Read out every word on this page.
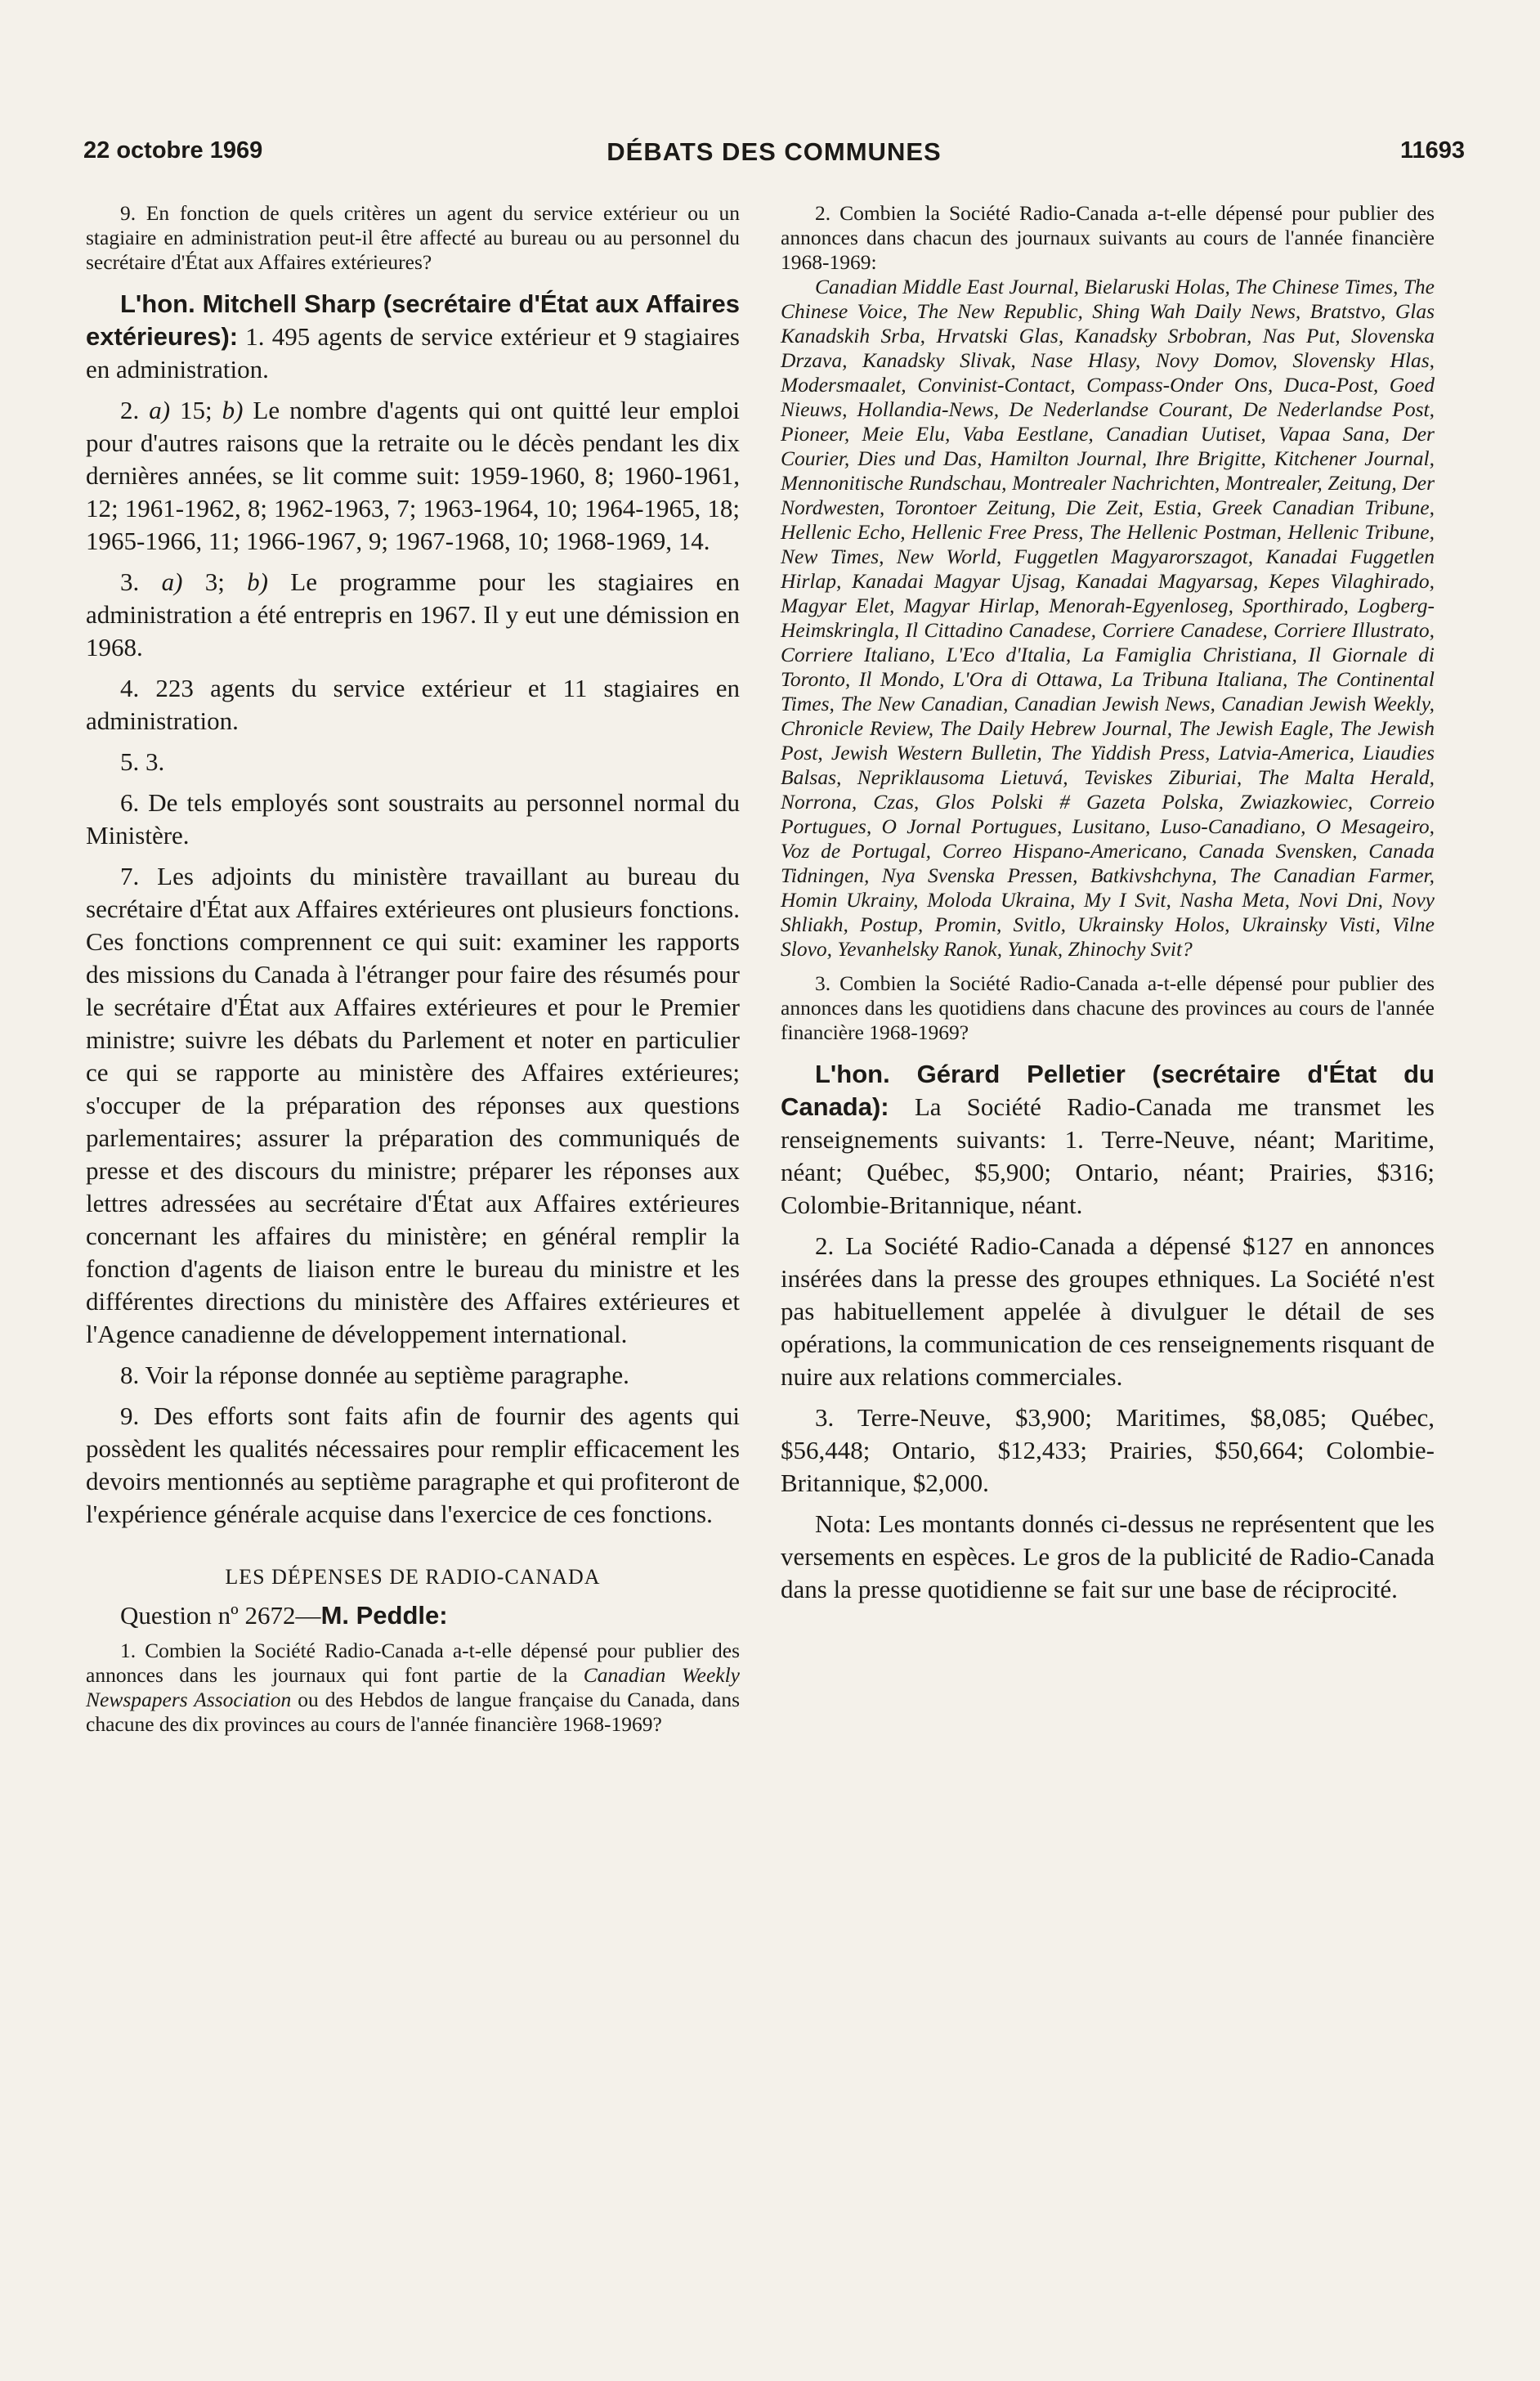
22 octobre 1969	DÉBATS DES COMMUNES	11693

9. En fonction de quels critères un agent du service extérieur ou un stagiaire en administration peut-il être affecté au bureau ou au personnel du secrétaire d'État aux Affaires extérieures?

L'hon. Mitchell Sharp (secrétaire d'État aux Affaires extérieures): 1. 495 agents de service extérieur et 9 stagiaires en administration.

2. a) 15; b) Le nombre d'agents qui ont quitté leur emploi pour d'autres raisons que la retraite ou le décès pendant les dix dernières années, se lit comme suit: 1959-1960, 8; 1960-1961, 12; 1961-1962, 8; 1962-1963, 7; 1963-1964, 10; 1964-1965, 18; 1965-1966, 11; 1966-1967, 9; 1967-1968, 10; 1968-1969, 14.

3. a) 3; b) Le programme pour les stagiaires en administration a été entrepris en 1967. Il y eut une démission en 1968.

4. 223 agents du service extérieur et 11 stagiaires en administration.

5. 3.

6. De tels employés sont soustraits au personnel normal du Ministère.

7. Les adjoints du ministère travaillant au bureau du secrétaire d'État aux Affaires extérieures ont plusieurs fonctions. Ces fonctions comprennent ce qui suit: examiner les rapports des missions du Canada à l'étranger pour faire des résumés pour le secrétaire d'État aux Affaires extérieures et pour le Premier ministre; suivre les débats du Parlement et noter en particulier ce qui se rapporte au ministère des Affaires extérieures; s'occuper de la préparation des réponses aux questions parlementaires; assurer la préparation des communiqués de presse et des discours du ministre; préparer les réponses aux lettres adressées au secrétaire d'État aux Affaires extérieures concernant les affaires du ministère; en général remplir la fonction d'agents de liaison entre le bureau du ministre et les différentes directions du ministère des Affaires extérieures et l'Agence canadienne de développement international.

8. Voir la réponse donnée au septième paragraphe.

9. Des efforts sont faits afin de fournir des agents qui possèdent les qualités nécessaires pour remplir efficacement les devoirs mentionnés au septième paragraphe et qui profiteront de l'expérience générale acquise dans l'exercice de ces fonctions.

LES DÉPENSES DE RADIO-CANADA

Question nº 2672—M. Peddle:

1. Combien la Société Radio-Canada a-t-elle dépensé pour publier des annonces dans les journaux qui font partie de la Canadian Weekly Newspapers Association ou des Hebdos de langue française du Canada, dans chacune des dix provinces au cours de l'année financière 1968-1969?

2. Combien la Société Radio-Canada a-t-elle dépensé pour publier des annonces dans chacun des journaux suivants au cours de l'année financière 1968-1969:

Canadian Middle East Journal, Bielaruski Holas, The Chinese Times, The Chinese Voice, The New Republic, Shing Wah Daily News, Bratstvo, Glas Kanadskih Srba, Hrvatski Glas, Kanadsky Srbobran, Nas Put, Slovenska Drzava, Kanadsky Slivak, Nase Hlasy, Novy Domov, Slovensky Hlas, Modersmaalet, Convinist-Contact, Compass-Onder Ons, Duca-Post, Goed Nieuws, Hollandia-News, De Nederlandse Courant, De Nederlandse Post, Pioneer, Meie Elu, Vaba Eestlane, Canadian Uutiset, Vapaa Sana, Der Courier, Dies und Das, Hamilton Journal, Ihre Brigitte, Kitchener Journal, Mennonitische Rundschau, Montrealer Nachrichten, Montrealer, Zeitung, Der Nordwesten, Torontoer Zeitung, Die Zeit, Estia, Greek Canadian Tribune, Hellenic Echo, Hellenic Free Press, The Hellenic Postman, Hellenic Tribune, New Times, New World, Fuggetlen Magyarorszagot, Kanadai Fuggetlen Hirlap, Kanadai Magyar Ujsag, Kanadai Magyarsag, Kepes Vilaghirado, Magyar Elet, Magyar Hirlap, Menorah-Egyenloseg, Sporthirado, Logberg-Heimskringla, Il Cittadino Canadese, Corriere Canadese, Corriere Illustrato, Corriere Italiano, L'Eco d'Italia, La Famiglia Christiana, Il Giornale di Toronto, Il Mondo, L'Ora di Ottawa, La Tribuna Italiana, The Continental Times, The New Canadian, Canadian Jewish News, Canadian Jewish Weekly, Chronicle Review, The Daily Hebrew Journal, The Jewish Eagle, The Jewish Post, Jewish Western Bulletin, The Yiddish Press, Latvia-America, Liaudies Balsas, Nepriklausoma Lietuvá, Teviskes Ziburiai, The Malta Herald, Norrona, Czas, Glos Polski # Gazeta Polska, Zwiazkowiec, Correio Portugues, O Jornal Portugues, Lusitano, Luso-Canadiano, O Mesageiro, Voz de Portugal, Correo Hispano-Americano, Canada Svensken, Canada Tidningen, Nya Svenska Pressen, Batkivshchyna, The Canadian Farmer, Homin Ukrainy, Moloda Ukraina, My I Svit, Nasha Meta, Novi Dni, Novy Shliakh, Postup, Promin, Svitlo, Ukrainsky Holos, Ukrainsky Visti, Vilne Slovo, Yevanhelsky Ranok, Yunak, Zhinochy Svit?

3. Combien la Société Radio-Canada a-t-elle dépensé pour publier des annonces dans les quotidiens dans chacune des provinces au cours de l'année financière 1968-1969?

L'hon. Gérard Pelletier (secrétaire d'État du Canada): La Société Radio-Canada me transmet les renseignements suivants: 1. Terre-Neuve, néant; Maritime, néant; Québec, $5,900; Ontario, néant; Prairies, $316; Colombie-Britannique, néant.

2. La Société Radio-Canada a dépensé $127 en annonces insérées dans la presse des groupes ethniques. La Société n'est pas habituellement appelée à divulguer le détail de ses opérations, la communication de ces renseignements risquant de nuire aux relations commerciales.

3. Terre-Neuve, $3,900; Maritimes, $8,085; Québec, $56,448; Ontario, $12,433; Prairies, $50,664; Colombie-Britannique, $2,000.

Nota: Les montants donnés ci-dessus ne représentent que les versements en espèces. Le gros de la publicité de Radio-Canada dans la presse quotidienne se fait sur une base de réciprocité.
